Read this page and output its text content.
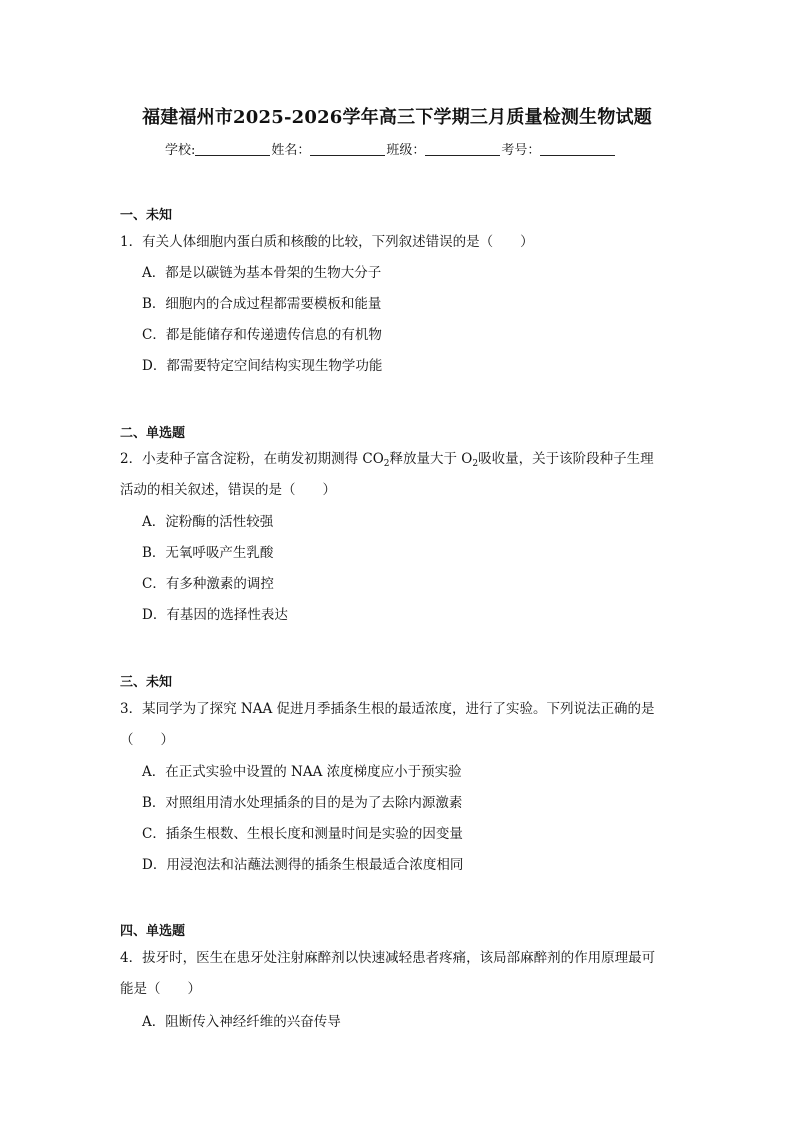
福建福州市2025-2026学年高三下学期三月质量检测生物试题
学校:	姓名：	班级：	考号：
一、未知
1．有关人体细胞内蛋白质和核酸的比较，下列叙述错误的是（　　）
A．都是以碳链为基本骨架的生物大分子
B．细胞内的合成过程都需要模板和能量
C．都是能储存和传递遗传信息的有机物
D．都需要特定空间结构实现生物学功能
二、单选题
2．小麦种子富含淀粉，在萌发初期测得 $CO_2$释放量大于 $O_2$吸收量，关于该阶段种子生理
活动的相关叙述，错误的是（　　）
A．淀粉酶的活性较强
B．无氧呼吸产生乳酸
C．有多种激素的调控
D．有基因的选择性表达
三、未知
3．某同学为了探究 NAA 促进月季插条生根的最适浓度，进行了实验。下列说法正确的是
（　　）
A．在正式实验中设置的 NAA 浓度梯度应小于预实验
B．对照组用清水处理插条的目的是为了去除内源激素
C．插条生根数、生根长度和测量时间是实验的因变量
D．用浸泡法和沾蘸法测得的插条生根最适合浓度相同
四、单选题
4．拔牙时，医生在患牙处注射麻醉剂以快速减轻患者疼痛，该局部麻醉剂的作用原理最可
能是（　　）
A．阻断传入神经纤维的兴奋传导
